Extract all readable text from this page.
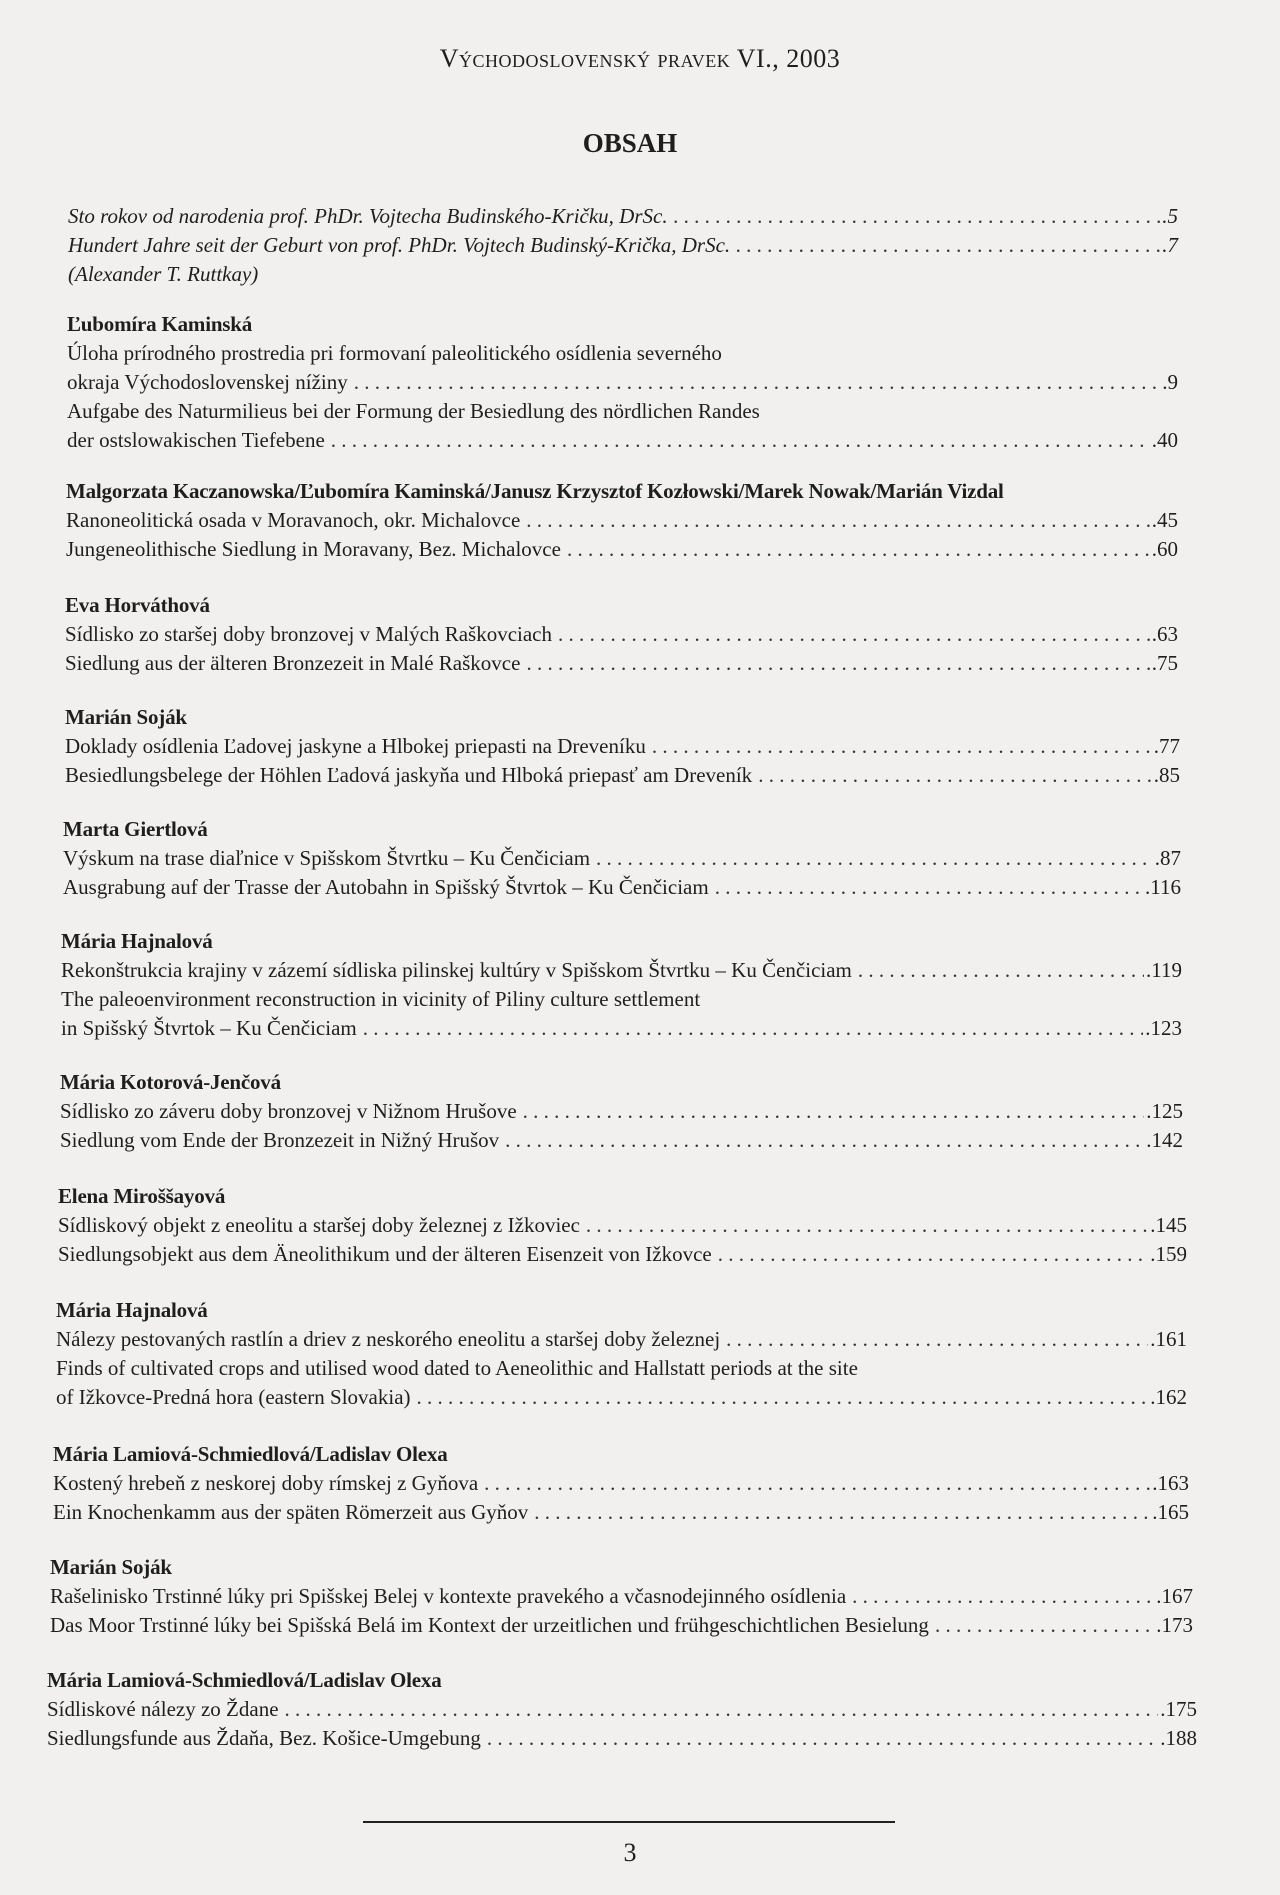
Východoslovenský pravek VI., 2003
OBSAH
Sto rokov od narodenia prof. PhDr. Vojtecha Budinského-Kričku, DrSc. . . .	.5
Hundert Jahre seit der Geburt von prof. PhDr. Vojtech Budinský-Krička, DrSc. . . .	.7
(Alexander T. Ruttkay)
Ľubomíra Kaminská
Úloha prírodného prostredia pri formovaní paleolitického osídlenia severného
okraja Východoslovenskej nížiny . . .	.9
Aufgabe des Naturmilieus bei der Formung der Besiedlung des nördlichen Randes
der ostslowakischen Tiefebene . . .	.40
Malgorzata Kaczanowska/Ľubomíra Kaminská/Janusz Krzysztof Kozłowski/Marek Nowak/Marián Vizdal
Ranoneolitická osada v Moravanoch, okr. Michalovce . . .	.45
Jungeneolithische Siedlung in Moravany, Bez. Michalovce . . .	.60
Eva Horváthová
Sídlisko zo staršej doby bronzovej v Malých Raškovciach . . .	.63
Siedlung aus der älteren Bronzezeit in Malé Raškovce . . .	.75
Marián Soják
Doklady osídlenia Ľadovej jaskyne a Hlbokej priepasti na Dreveníku . . .	.77
Besiedlungsbelege der Höhlen Ľadová jaskyňa und Hlboká priepasť am Dreveník . . .	.85
Marta Giertlová
Výskum na trase diaľnice v Spišskom Štvrtku – Ku Čenčiciam . . .	.87
Ausgrabung auf der Trasse der Autobahn in Spišský Štvrtok – Ku Čenčiciam . . .	.116
Mária Hajnalová
Rekonštrukcia krajiny v zázemí sídliska pilinskej kultúry v Spišskom Štvrtku – Ku Čenčiciam . . .	.119
The paleoenvironment reconstruction in vicinity of Piliny culture settlement
in Spišský Štvrtok – Ku Čenčiciam . . .	.123
Mária Kotorová-Jenčová
Sídlisko zo záveru doby bronzovej v Nižnom Hrušove . . .	.125
Siedlung vom Ende der Bronzezeit in Nižný Hrušov . . .	.142
Elena Miroššayová
Sídliskový objekt z eneolitu a staršej doby železnej z Ižkoviec . . .	.145
Siedlungsobjekt aus dem Äneolithikum und der älteren Eisenzeit von Ižkovce . . .	.159
Mária Hajnalová
Nálezy pestovaných rastlín a driev z neskorého eneolitu a staršej doby železnej . . .	.161
Finds of cultivated crops and utilised wood dated to Aeneolithic and Hallstatt periods at the site
of Ižkovce-Predná hora (eastern Slovakia) . . .	.162
Mária Lamiová-Schmiedlová/Ladislav Olexa
Kostený hrebeň z neskorej doby rímskej z Gyňova . . .	.163
Ein Knochenkamm aus der späten Römerzeit aus Gyňov . . .	.165
Marián Soják
Rašelinisko Trstinné lúky pri Spišskej Belej v kontexte pravekého a včasnodejinného osídlenia . . .	.167
Das Moor Trstinné lúky bei Spišská Belá im Kontext der urzeitlichen und frühgeschichtlichen Besielung . . .	.173
Mária Lamiová-Schmiedlová/Ladislav Olexa
Sídliskové nálezy zo Ždane . . .	.175
Siedlungsfunde aus Ždaňa, Bez. Košice-Umgebung . . .	.188
3
